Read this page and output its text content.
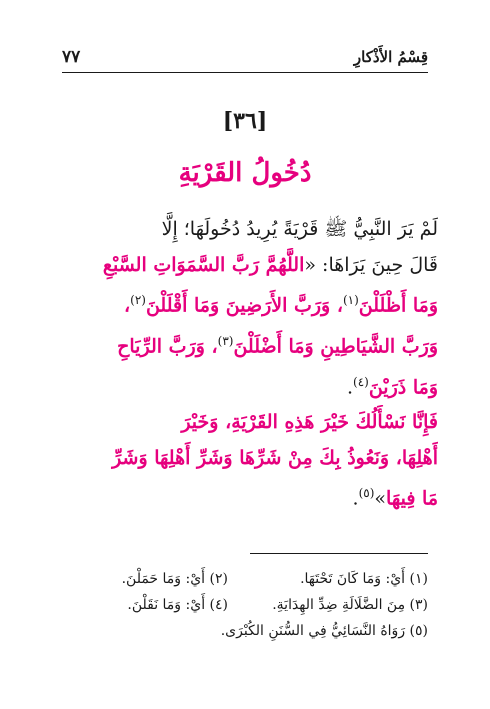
قِسْمُ الأَذْكارِ
٧٧
[٣٦]
دُخُولُ القَرْيَةِ
لَمْ يَرَ النَّبِيُّ ﷺ قَرْيَةً يُرِيدُ دُخُولَهَا؛ إِلَّا
قَالَ حِينَ يَرَاهَا: «اللَّهُمَّ رَبَّ السَّمَوَاتِ السَّبْعِ
وَمَا أَظْلَلْنَ$^{(١)}$، وَرَبَّ الأَرَضِينَ وَمَا أَقْلَلْنَ$^{(٢)}$،
وَرَبَّ الشَّيَاطِينِ وَمَا أَضْلَلْنَ$^{(٣)}$، وَرَبَّ الرِّيَاحِ
وَمَا ذَرَيْنَ$^{(٤)}$.
فَإِنَّا نَسْأَلُكَ خَيْرَ هَذِهِ القَرْيَةِ، وَخَيْرَ
أَهْلِهَا، وَنَعُوذُ بِكَ مِنْ شَرِّهَا وَشَرِّ أَهْلِهَا وَشَرِّ
مَا فِيهَا»$^{(٥)}$.
(١) أَيْ: وَمَا كَانَ تَحْتَهَا.
(٢) أَيْ: وَمَا حَمَلْنَ.
(٣) مِنَ الضَّلَالَةِ ضِدِّ الهِدَايَةِ.
(٤) أَيْ: وَمَا نَقَلْنَ.
(٥) رَوَاهُ النَّسَائِيُّ فِي السُّنَنِ الكُبْرَى.
